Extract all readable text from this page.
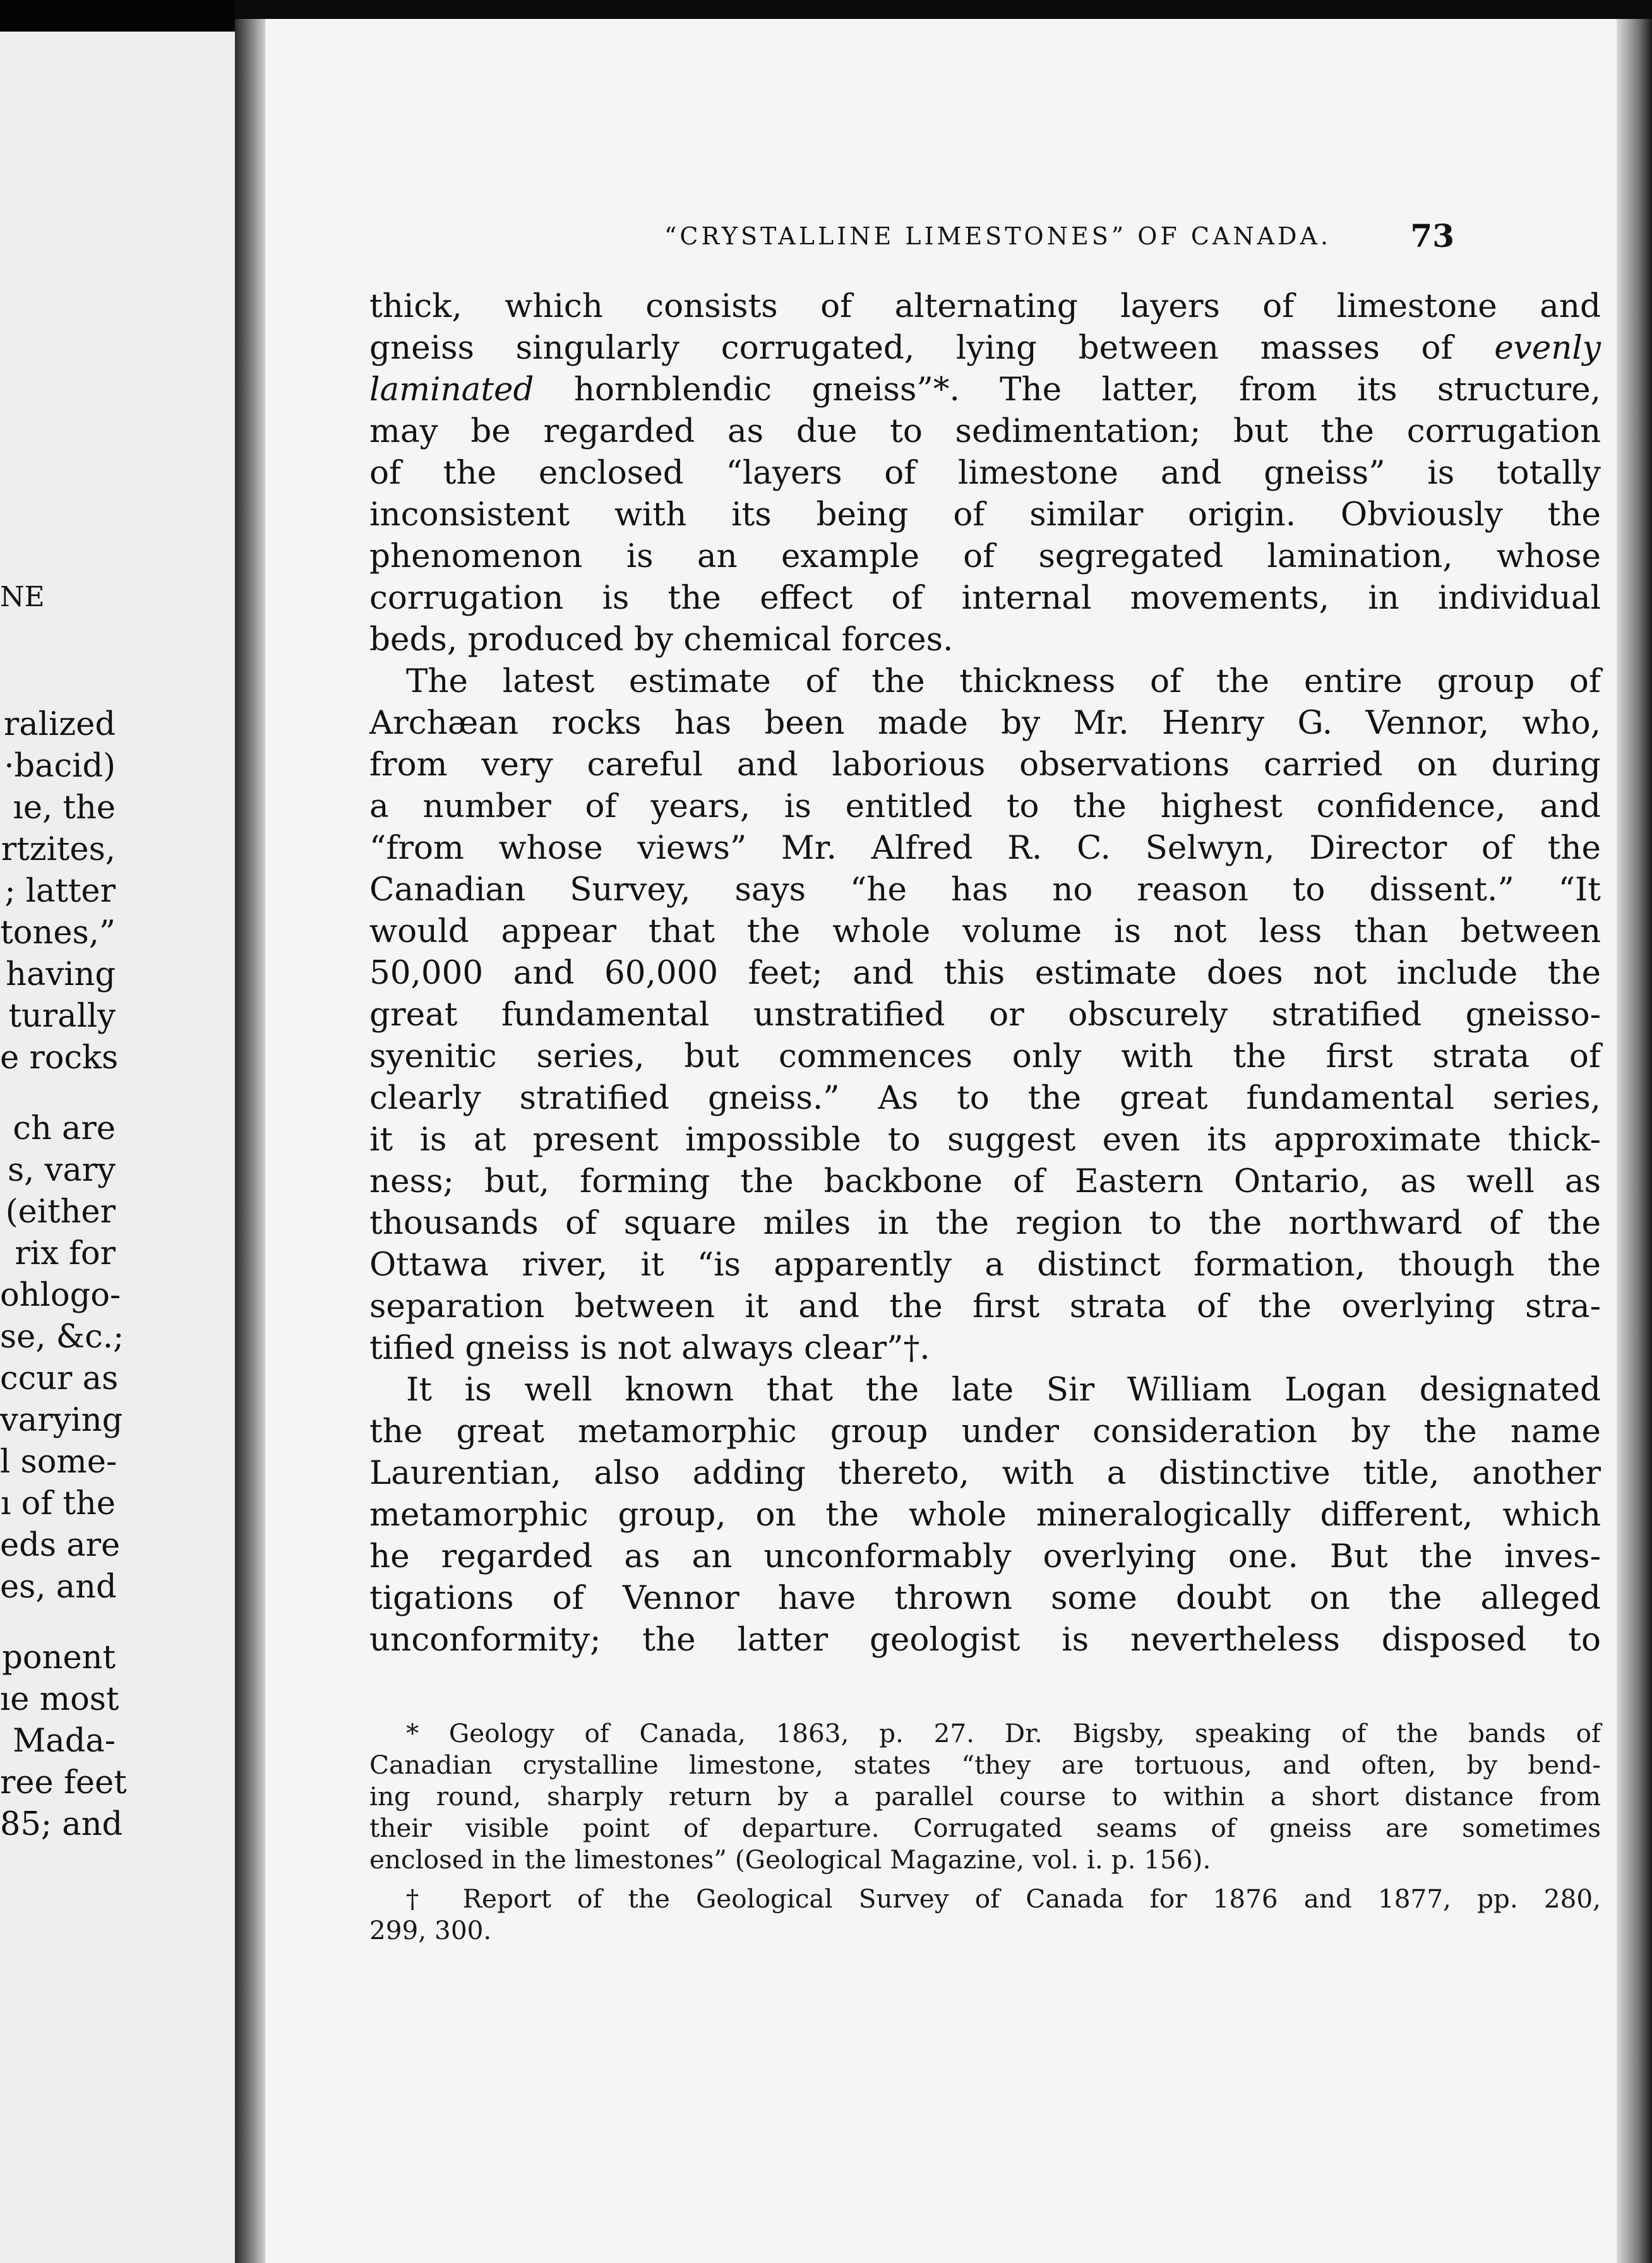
NE
ralized
·bacid)
ıe, the
rtzites,
; latter
tones,”
having
turally
e rocks
ch are
s, vary
(either
rix for
ohlogo-
se, &c.;
ccur as
varying
l some-
ı of the
eds are
es, and
ponent
ıe most
Mada-
ree feet
85; and
“CRYSTALLINE LIMESTONES” OF CANADA.	73
thick, which consists of alternating layers of limestone and
gneiss singularly corrugated, lying between masses of evenly
laminated hornblendic gneiss”*. The latter, from its structure,
may be regarded as due to sedimentation; but the corrugation
of the enclosed “layers of limestone and gneiss” is totally
inconsistent with its being of similar origin. Obviously the
phenomenon is an example of segregated lamination, whose
corrugation is the effect of internal movements, in individual
beds, produced by chemical forces.
The latest estimate of the thickness of the entire group of
Archæan rocks has been made by Mr. Henry G. Vennor, who,
from very careful and laborious observations carried on during
a number of years, is entitled to the highest confidence, and
“from whose views” Mr. Alfred R. C. Selwyn, Director of the
Canadian Survey, says “he has no reason to dissent.” “It
would appear that the whole volume is not less than between
50,000 and 60,000 feet; and this estimate does not include the
great fundamental unstratified or obscurely stratified gneisso-
syenitic series, but commences only with the first strata of
clearly stratified gneiss.” As to the great fundamental series,
it is at present impossible to suggest even its approximate thick-
ness; but, forming the backbone of Eastern Ontario, as well as
thousands of square miles in the region to the northward of the
Ottawa river, it “is apparently a distinct formation, though the
separation between it and the first strata of the overlying stra-
tified gneiss is not always clear”†.
It is well known that the late Sir William Logan designated
the great metamorphic group under consideration by the name
Laurentian, also adding thereto, with a distinctive title, another
metamorphic group, on the whole mineralogically different, which
he regarded as an unconformably overlying one. But the inves-
tigations of Vennor have thrown some doubt on the alleged
unconformity; the latter geologist is nevertheless disposed to
* Geology of Canada, 1863, p. 27. Dr. Bigsby, speaking of the bands of
Canadian crystalline limestone, states “they are tortuous, and often, by bend-
ing round, sharply return by a parallel course to within a short distance from
their visible point of departure. Corrugated seams of gneiss are sometimes
enclosed in the limestones” (Geological Magazine, vol. i. p. 156).
† Report of the Geological Survey of Canada for 1876 and 1877, pp. 280,
299, 300.
